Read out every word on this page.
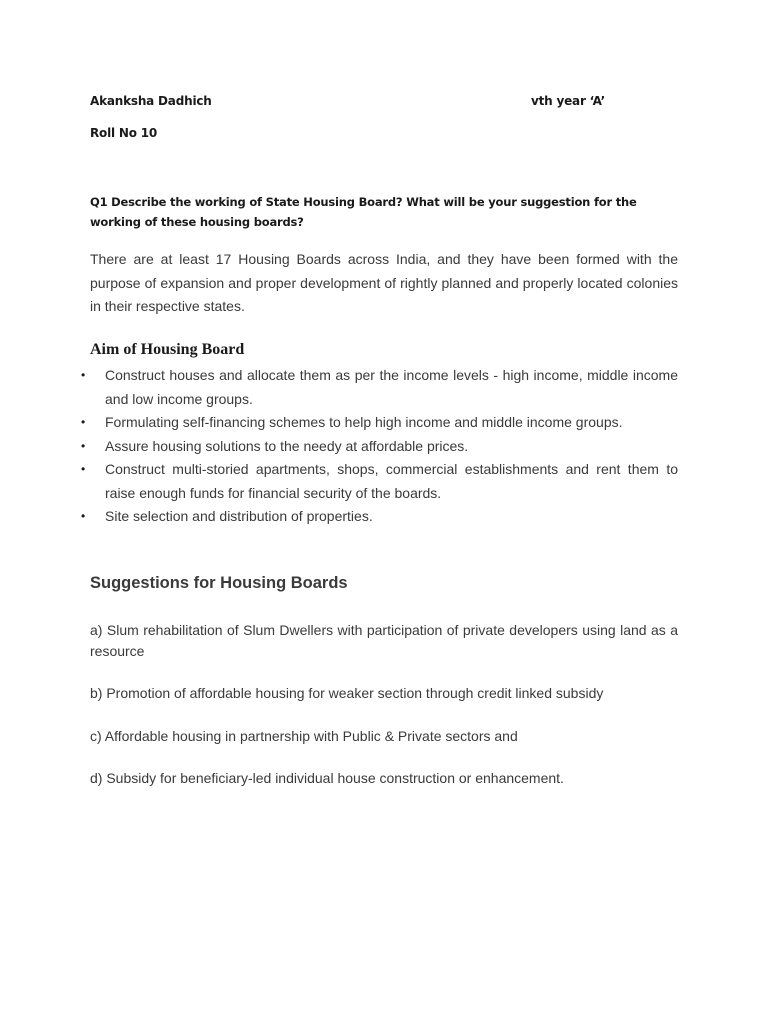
Akanksha Dadhich	vth year ‘A’
Roll No 10
Q1 Describe the working of State Housing Board? What will be your suggestion for the working of these housing boards?
There are at least 17 Housing Boards across India, and they have been formed with the purpose of expansion and proper development of rightly planned and properly located colonies in their respective states.
Aim of Housing Board
• Construct houses and allocate them as per the income levels - high income, middle income and low income groups.
• Formulating self-financing schemes to help high income and middle income groups.
• Assure housing solutions to the needy at affordable prices.
• Construct multi-storied apartments, shops, commercial establishments and rent them to raise enough funds for financial security of the boards.
• Site selection and distribution of properties.
Suggestions for Housing Boards
a) Slum rehabilitation of Slum Dwellers with participation of private developers using land as a resource
b) Promotion of affordable housing for weaker section through credit linked subsidy
c) Affordable housing in partnership with Public & Private sectors and
d) Subsidy for beneficiary-led individual house construction or enhancement.
